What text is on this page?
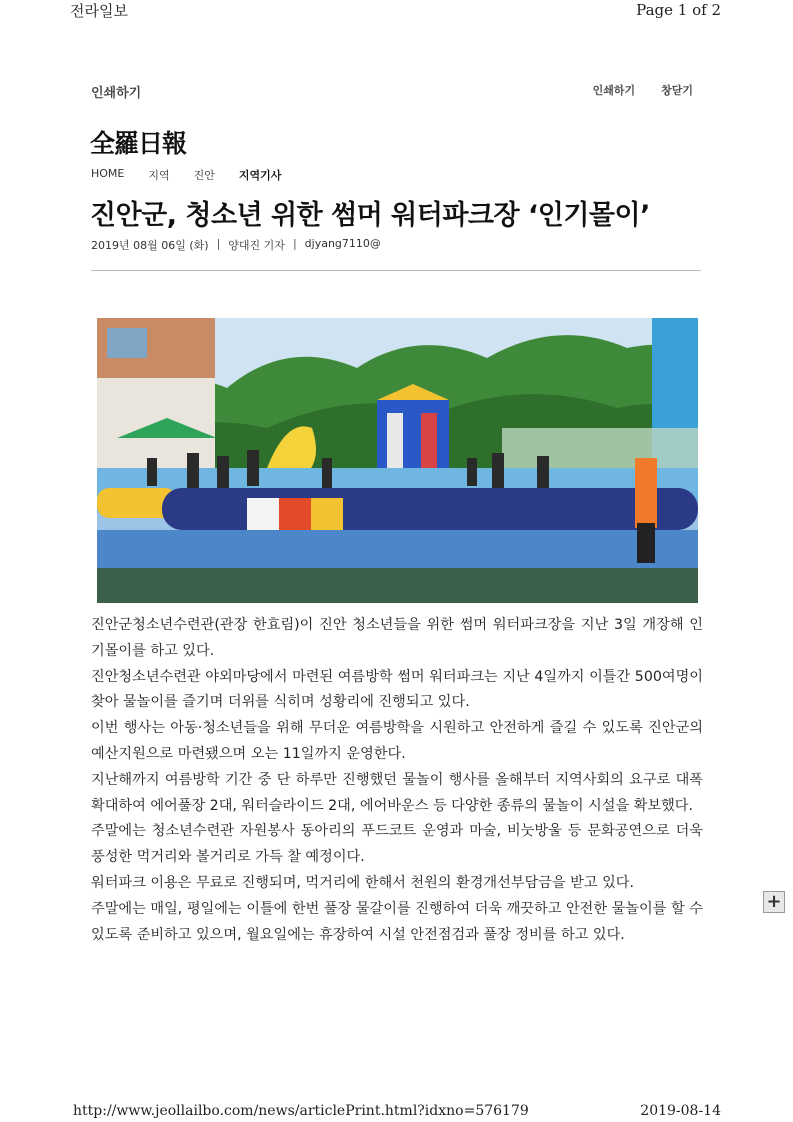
전라일보	Page 1 of 2
인쇄하기	인쇄하기 창닫기
全羅日報
HOME 지역 진안 지역기사
진안군, 청소년 위한 썸머 워터파크장 ‘인기몰이’
2019년 08월 06일 (화) | 양대진 기자 | djyang7110@
+

진안군청소년수련관(관장 한효림)이 진안 청소년들을 위한 썸머 워터파크장을 지난 3일 개장해 인기몰이를 하고 있다.

진안청소년수련관 야외마당에서 마련된 여름방학 썸머 워터파크는 지난 4일까지 이틀간 500여명이 찾아 물놀이를 즐기며 더위를 식히며 성황리에 진행되고 있다.

이번 행사는 아동·청소년들을 위해 무더운 여름방학을 시원하고 안전하게 즐길 수 있도록 진안군의 예산지원으로 마련됐으며 오는 11일까지 운영한다.

지난해까지 여름방학 기간 중 단 하루만 진행했던 물놀이 행사를 올해부터 지역사회의 요구로 대폭 확대하여 에어풀장 2대, 워터슬라이드 2대, 에어바운스 등 다양한 종류의 물놀이 시설을 확보했다.

주말에는 청소년수련관 자원봉사 동아리의 푸드코트 운영과 마술, 비눗방울 등 문화공연으로 더욱 풍성한 먹거리와 볼거리로 가득 찰 예정이다.

워터파크 이용은 무료로 진행되며, 먹거리에 한해서 천원의 환경개선부담금을 받고 있다.

주말에는 매일, 평일에는 이틀에 한번 풀장 물갈이를 진행하여 더욱 깨끗하고 안전한 물놀이를 할 수 있도록 준비하고 있으며, 월요일에는 휴장하여 시설 안전점검과 풀장 정비를 하고 있다.

http://www.jeollailbo.com/news/articlePrint.html?idxno=576179	2019-08-14
